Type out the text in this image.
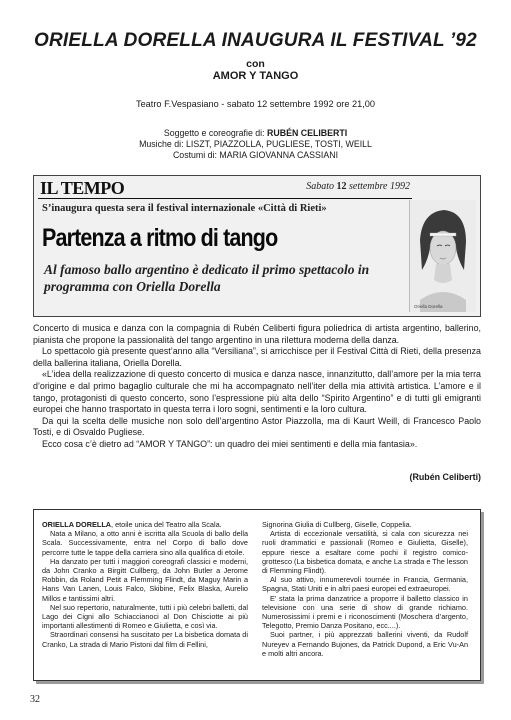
ORIELLA DORELLA INAUGURA IL FESTIVAL ’92
con
AMOR Y TANGO
Teatro F.Vespasiano - sabato 12 settembre 1992 ore 21,00
Soggetto e coreografie di: RUBÉN CELIBERTI
Musiche di: LISZT, PIAZZOLLA, PUGLIESE, TOSTI, WEILL
Costumi di: MARIA GIOVANNA CASSIANI
IL TEMPO	Sabato 12 settembre 1992
S’inaugura questa sera il festival internazionale «Città di Rieti»
Partenza a ritmo di tango
Al famoso ballo argentino è dedicato il primo spettacolo in programma con Oriella Dorella
Oriella Dorella

Concerto di musica e danza con la compagnia di Rubén Celiberti figura poliedrica di artista argentino, ballerino, pianista che propone la passionalità del tango argentino in una rilettura moderna della danza.

Lo spettacolo già presente quest’anno alla “Versiliana”, si arricchisce per il Festival Città di Rieti, della presenza della ballerina italiana, Oriella Dorella.

«L’idea della realizzazione di questo concerto di musica e danza nasce, innanzitutto, dall’amore per la mia terra d’origine e dal primo bagaglio culturale che mi ha accompagnato nell’iter della mia attività artistica. L’amore e il tango, protagonisti di questo concerto, sono l’espressione più alta dello “Spirito Argentino” e di tutti gli emigranti europei che hanno trasportato in questa terra i loro sogni, sentimenti e la loro cultura.

Da qui la scelta delle musiche non solo dell’argentino Astor Piazzolla, ma di Kaurt Weill, di Francesco Paolo Tosti, e di Osvaldo Pugliese.

Ecco cosa c’è dietro ad “AMOR Y TANGO”: un quadro dei miei sentimenti e della mia fantasia».

(Rubén Celiberti)

ORIELLA DORELLA, etoile unica del Teatro alla Scala.

Nata a Milano, a otto anni è iscritta alla Scuola di ballo della Scala. Successivamente, entra nel Corpo di ballo dove percorre tutte le tappe della carriera sino alla qualifica di etoile.

Ha danzato per tutti i maggiori coreografi classici e moderni, da John Cranko a Birgitt Cullberg, da John Butler a Jerome Robbin, da Roland Petit a Flemming Flindt, da Maguy Marin a Hans Van Lanen, Louis Falco, Skibine, Felix Blaska, Aurelio Millos e tantissimi altri.

Nel suo repertorio, naturalmente, tutti i più celebri balletti, dal Lago dei Cigni allo Schiaccianoci al Don Chisciotte ai più importanti allestimenti di Romeo e Giulietta, e così via.

Straordinari consensi ha suscitato per La bisbetica domata di Cranko, La strada di Mario Pistoni dal film di Fellini,

Signorina Giulia di Cullberg, Giselle, Coppelia.

Artista di eccezionale versatilità, si cala con sicurezza nei ruoli drammatici e passionali (Romeo e Giulietta, Giselle), eppure riesce a esaltare come pochi il registro comico-grottesco (La bisbetica domata, e anche La strada e The lesson di Flemming Flindt).

Al suo attivo, innumerevoli tournée in Francia, Germania, Spagna, Stati Uniti e in altri paesi europei ed extraeuropei.

E’ stata la prima danzatrice a proporre il balletto classico in televisione con una serie di show di grande richiamo. Numerosissimi i premi e i riconoscimenti (Moschera d’argento, Telegotto, Premio Danza Positano, ecc....).

Suoi partner, i più apprezzati ballerini viventi, da Rudolf Nureyev a Fernando Bujones, da Patrick Dupond, a Eric Vu-An e molti altri ancora.

32
